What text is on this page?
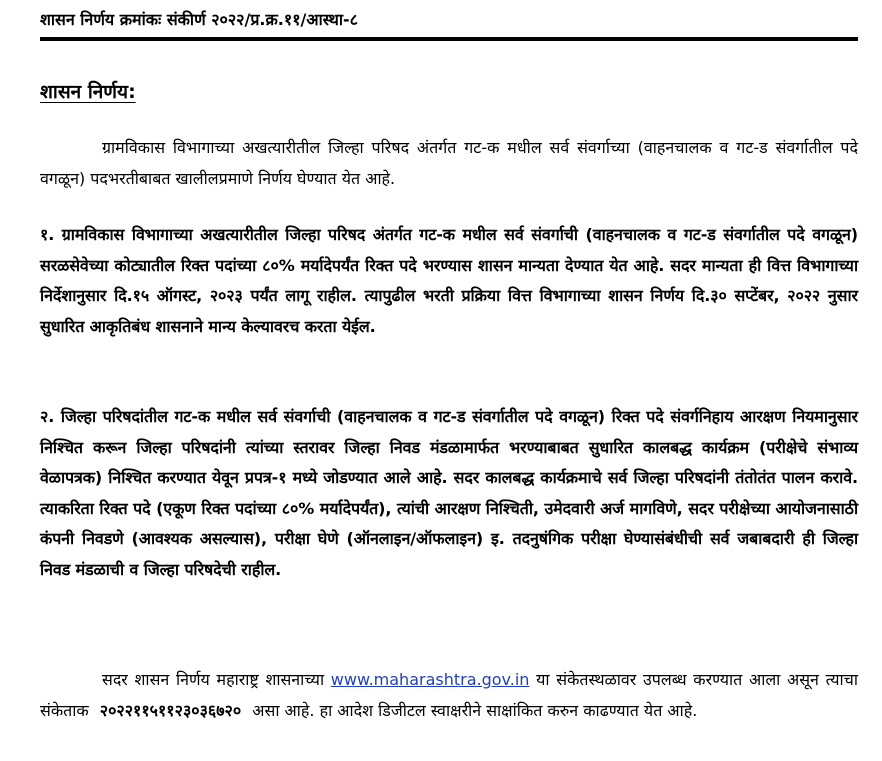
शासन निर्णय क्रमांकः संकीर्ण २०२२/प्र.क्र.११/आस्था-८
शासन निर्णय:

ग्रामविकास विभागाच्या अखत्यारीतील जिल्हा परिषद अंतर्गत गट-क मधील सर्व संवर्गाच्या (वाहनचालक व गट-ड संवर्गातील पदे वगळून) पदभरतीबाबत खालीलप्रमाणे निर्णय घेण्यात येत आहे.

१. ग्रामविकास विभागाच्या अखत्यारीतील जिल्हा परिषद अंतर्गत गट-क मधील सर्व संवर्गाची (वाहनचालक व गट-ड संवर्गातील पदे वगळून) सरळसेवेच्या कोट्यातील रिक्त पदांच्या ८०% मर्यादेपर्यंत रिक्त पदे भरण्यास शासन मान्यता देण्यात येत आहे. सदर मान्यता ही वित्त विभागाच्या निर्देशानुसार दि.१५ ऑगस्ट, २०२३ पर्यंत लागू राहील. त्यापुढील भरती प्रक्रिया वित्त विभागाच्या शासन निर्णय दि.३० सप्टेंबर, २०२२ नुसार सुधारित आकृतिबंध शासनाने मान्य केल्यावरच करता येईल.

२. जिल्हा परिषदांतील गट-क मधील सर्व संवर्गाची (वाहनचालक व गट-ड संवर्गातील पदे वगळून) रिक्त पदे संवर्गनिहाय आरक्षण नियमानुसार निश्चित करून जिल्हा परिषदांनी त्यांच्या स्तरावर जिल्हा निवड मंडळामार्फत भरण्याबाबत सुधारित कालबद्ध कार्यक्रम (परीक्षेचे संभाव्य वेळापत्रक) निश्चित करण्यात येवून प्रपत्र-१ मध्ये जोडण्यात आले आहे. सदर कालबद्ध कार्यक्रमाचे सर्व जिल्हा परिषदांनी तंतोतंत पालन करावे. त्याकरिता रिक्त पदे (एकूण रिक्त पदांच्या ८०% मर्यादेपर्यंत), त्यांची आरक्षण निश्चिती, उमेदवारी अर्ज मागविणे, सदर परीक्षेच्या आयोजनासाठी कंपनी निवडणे (आवश्यक असल्यास), परीक्षा घेणे (ऑनलाइन/ऑफलाइन) इ. तदनुषंगिक परीक्षा घेण्यासंबंधीची सर्व जबाबदारी ही जिल्हा निवड मंडळाची व जिल्हा परिषदेची राहील.

सदर शासन निर्णय महाराष्ट्र शासनाच्या www.maharashtra.gov.in या संकेतस्थळावर उपलब्ध करण्यात आला असून त्याचा संकेताक २०२२११५११२३०३६७२० असा आहे. हा आदेश डिजीटल स्वाक्षरीने साक्षांकित करुन काढण्यात येत आहे.
